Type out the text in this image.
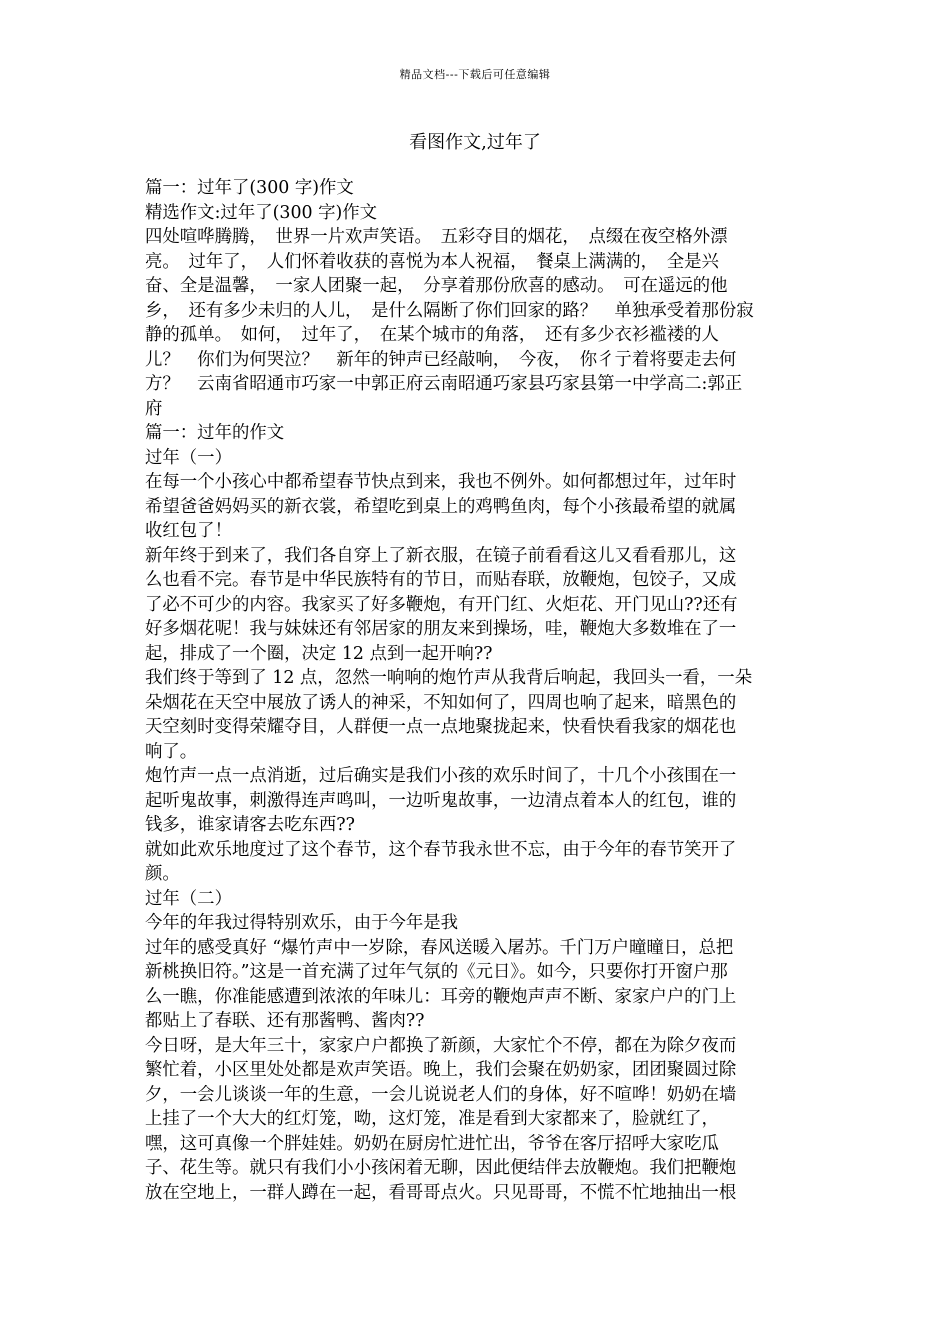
精品文档---下载后可任意编辑
看图作文,过年了
篇一：过年了(300 字)作文
精选作文:过年了(300 字)作文
四处喧哗腾腾，　世界一片欢声笑语。　五彩夺目的烟花，　点缀在夜空格外漂
亮。　过年了，　人们怀着收获的喜悦为本人祝福，　餐桌上满满的，　全是兴
奋、全是温馨，　一家人团聚一起，　分享着那份欣喜的感动。　可在遥远的他
乡，　还有多少未归的人儿，　是什么隔断了你们回家的路？　单独承受着那份寂
静的孤单。　如何，　过年了，　在某个城市的角落，　还有多少衣衫褴褛的人
儿？　你们为何哭泣？　新年的钟声已经敲响，　今夜，　你彳亍着将要走去何
方？　云南省昭通市巧家一中郭正府云南昭通巧家县巧家县第一中学高二:郭正
府
篇一：过年的作文
过年（一）
在每一个小孩心中都希望春节快点到来，我也不例外。如何都想过年，过年时
希望爸爸妈妈买的新衣裳，希望吃到桌上的鸡鸭鱼肉，每个小孩最希望的就属
收红包了！
新年终于到来了，我们各自穿上了新衣服，在镜子前看看这儿又看看那儿，这
么也看不完。春节是中华民族特有的节日，而贴春联，放鞭炮，包饺子，又成
了必不可少的内容。我家买了好多鞭炮，有开门红、火炬花、开门见山??还有
好多烟花呢！我与妹妹还有邻居家的朋友来到操场，哇，鞭炮大多数堆在了一
起，排成了一个圈，决定 12 点到一起开响??
我们终于等到了 12 点，忽然一响响的炮竹声从我背后响起，我回头一看，一朵
朵烟花在天空中展放了诱人的神采，不知如何了，四周也响了起来，暗黑色的
天空刻时变得荣耀夺目，人群便一点一点地聚拢起来，快看快看我家的烟花也
响了。
炮竹声一点一点消逝，过后确实是我们小孩的欢乐时间了，十几个小孩围在一
起听鬼故事，刺激得连声鸣叫，一边听鬼故事，一边清点着本人的红包，谁的
钱多，谁家请客去吃东西??
就如此欢乐地度过了这个春节，这个春节我永世不忘，由于今年的春节笑开了
颜。
过年（二）
今年的年我过得特别欢乐，由于今年是我
过年的感受真好 “爆竹声中一岁除，春风送暖入屠苏。千门万户曈曈日，总把
新桃换旧符。”这是一首充满了过年气氛的《元日》。如今，只要你打开窗户那
么一瞧，你准能感遭到浓浓的年味儿：耳旁的鞭炮声声不断、家家户户的门上
都贴上了春联、还有那酱鸭、酱肉??
今日呀，是大年三十，家家户户都换了新颜，大家忙个不停，都在为除夕夜而
繁忙着，小区里处处都是欢声笑语。晚上，我们会聚在奶奶家，团团聚圆过除
夕，一会儿谈谈一年的生意，一会儿说说老人们的身体，好不喧哗！奶奶在墙
上挂了一个大大的红灯笼，呦，这灯笼，准是看到大家都来了，脸就红了，
嘿，这可真像一个胖娃娃。奶奶在厨房忙进忙出，爷爷在客厅招呼大家吃瓜
子、花生等。就只有我们小小孩闲着无聊，因此便结伴去放鞭炮。我们把鞭炮
放在空地上，一群人蹲在一起，看哥哥点火。只见哥哥，不慌不忙地抽出一根
